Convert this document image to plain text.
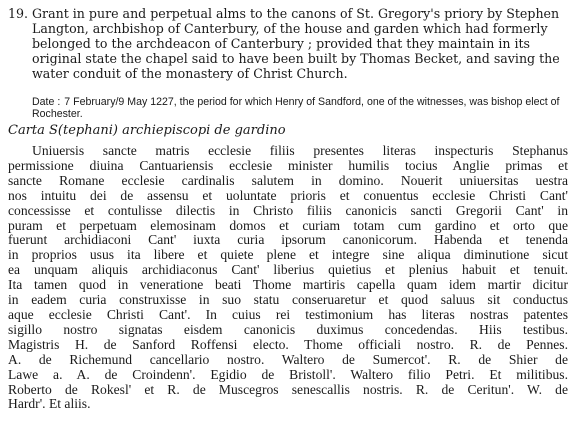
19. Grant in pure and perpetual alms to the canons of St. Gregory's priory by Stephen Langton, archbishop of Canterbury, of the house and garden which had formerly belonged to the archdeacon of Canterbury ; provided that they maintain in its original state the chapel said to have been built by Thomas Becket, and saving the water conduit of the monastery of Christ Church.

Date : 7 February/9 May 1227, the period for which Henry of Sandford, one of the witnesses, was bishop elect of Rochester.

Carta S(tephani) archiepiscopi de gardino

Uniuersis sancte matris ecclesie filiis presentes literas inspecturis Stephanus
permissione diuina Cantuariensis ecclesie minister humilis tocius Anglie primas et
sancte Romane ecclesie cardinalis salutem in domino. Nouerit uniuersitas uestra
nos intuitu dei de assensu et uoluntate prioris et conuentus ecclesie Christi Cant'
concessisse et contulisse dilectis in Christo filiis canonicis sancti Gregorii Cant' in
puram et perpetuam elemosinam domos et curiam totam cum gardino et orto que
fuerunt archidiaconi Cant' iuxta curia ipsorum canonicorum. Habenda et tenenda
in proprios usus ita libere et quiete plene et integre sine aliqua diminutione sicut
ea unquam aliquis archidiaconus Cant' liberius quietius et plenius habuit et tenuit.
Ita tamen quod in veneratione beati Thome martiris capella quam idem martir dicitur
in eadem curia construxisse in suo statu conseruaretur et quod saluus sit conductus
aque ecclesie Christi Cant'. In cuius rei testimonium has literas nostras patentes
sigillo nostro signatas eisdem canonicis duximus concedendas. Hiis testibus.
Magistris H. de Sanford Roffensi electo. Thome officiali nostro. R. de Pennes.
A. de Richemund cancellario nostro. Waltero de Sumercot'. R. de Shier de
Lawe a. A. de Croindenn'. Egidio de Bristoll'. Waltero filio Petri. Et militibus.
Roberto de Rokesl' et R. de Muscegros senescallis nostris. R. de Ceritun'. W. de
Hardr'. Et aliis.
